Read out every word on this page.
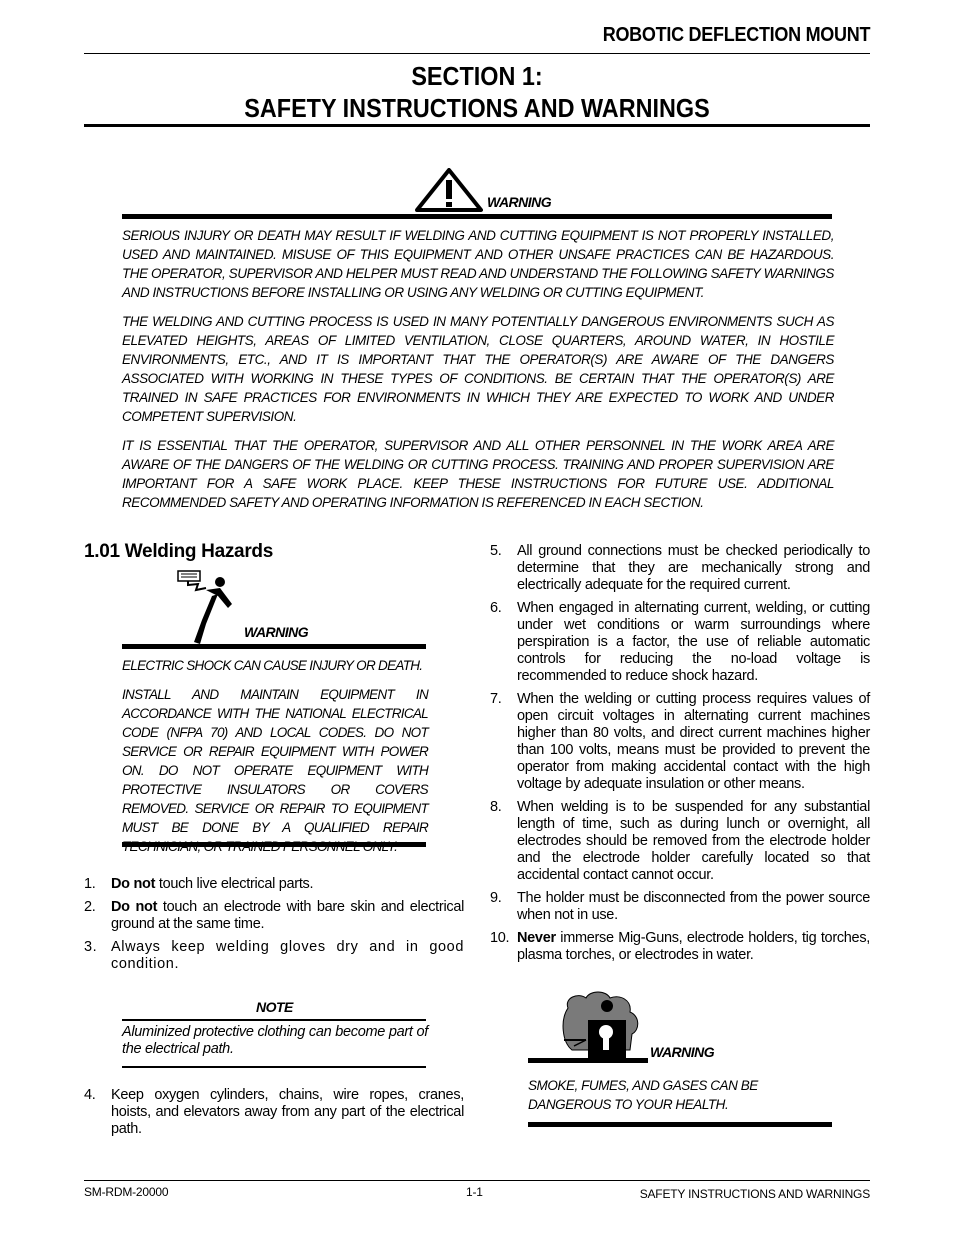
ROBOTIC DEFLECTION MOUNT
SECTION 1:
SAFETY INSTRUCTIONS AND WARNINGS
WARNING

SERIOUS INJURY OR DEATH MAY RESULT IF WELDING AND CUTTING EQUIPMENT IS NOT PROPERLY INSTALLED, USED AND MAINTAINED. MISUSE OF THIS EQUIPMENT AND OTHER UNSAFE PRACTICES CAN BE HAZARDOUS. THE OPERATOR, SUPERVISOR AND HELPER MUST READ AND UNDERSTAND THE FOLLOWING SAFETY WARNINGS AND INSTRUCTIONS BEFORE INSTALLING OR USING ANY WELDING OR CUTTING EQUIPMENT.

THE WELDING AND CUTTING PROCESS IS USED IN MANY POTENTIALLY DANGEROUS ENVIRONMENTS SUCH AS ELEVATED HEIGHTS, AREAS OF LIMITED VENTILATION, CLOSE QUARTERS, AROUND WATER, IN HOSTILE ENVIRONMENTS, ETC., AND IT IS IMPORTANT THAT THE OPERATOR(S) ARE AWARE OF THE DANGERS ASSOCIATED WITH WORKING IN THESE TYPES OF CONDITIONS. BE CERTAIN THAT THE OPERATOR(S) ARE TRAINED IN SAFE PRACTICES FOR ENVIRONMENTS IN WHICH THEY ARE EXPECTED TO WORK AND UNDER COMPETENT SUPERVISION.

IT IS ESSENTIAL THAT THE OPERATOR, SUPERVISOR AND ALL OTHER PERSONNEL IN THE WORK AREA ARE AWARE OF THE DANGERS OF THE WELDING OR CUTTING PROCESS. TRAINING AND PROPER SUPERVISION ARE IMPORTANT FOR A SAFE WORK PLACE. KEEP THESE INSTRUCTIONS FOR FUTURE USE. ADDITIONAL RECOMMENDED SAFETY AND OPERATING INFORMATION IS REFERENCED IN EACH SECTION.

1.01 Welding Hazards
WARNING

ELECTRIC SHOCK CAN CAUSE INJURY OR DEATH.

INSTALL AND MAINTAIN EQUIPMENT IN ACCORDANCE WITH THE NATIONAL ELECTRICAL CODE (NFPA 70) AND LOCAL CODES. DO NOT SERVICE OR REPAIR EQUIPMENT WITH POWER ON. DO NOT OPERATE EQUIPMENT WITH PROTECTIVE INSULATORS OR COVERS REMOVED. SERVICE OR REPAIR TO EQUIPMENT MUST BE DONE BY A QUALIFIED REPAIR TECHNICIAN, OR TRAINED PERSONNEL ONLY.

1. Do not touch live electrical parts.
2. Do not touch an electrode with bare skin and electrical ground at the same time.
3. Always keep welding gloves dry and in good condition.
NOTE
Aluminized protective clothing can become part of the electrical path.
4. Keep oxygen cylinders, chains, wire ropes, cranes, hoists, and elevators away from any part of the electrical path.
5. All ground connections must be checked periodically to determine that they are mechanically strong and electrically adequate for the required current.
6. When engaged in alternating current, welding, or cutting under wet conditions or warm surroundings where perspiration is a factor, the use of reliable automatic controls for reducing the no-load voltage is recommended to reduce shock hazard.
7. When the welding or cutting process requires values of open circuit voltages in alternating current machines higher than 80 volts, and direct current machines higher than 100 volts, means must be provided to prevent the operator from making accidental contact with the high voltage by adequate insulation or other means.
8. When welding is to be suspended for any substantial length of time, such as during lunch or overnight, all electrodes should be removed from the electrode holder and the electrode holder carefully located so that accidental contact cannot occur.
9. The holder must be disconnected from the power source when not in use.
10. Never immerse Mig-Guns, electrode holders, tig torches, plasma torches, or electrodes in water.
WARNING
SMOKE, FUMES, AND GASES CAN BE DANGEROUS TO YOUR HEALTH.
SM-RDM-20000	1-1	SAFETY INSTRUCTIONS AND WARNINGS
